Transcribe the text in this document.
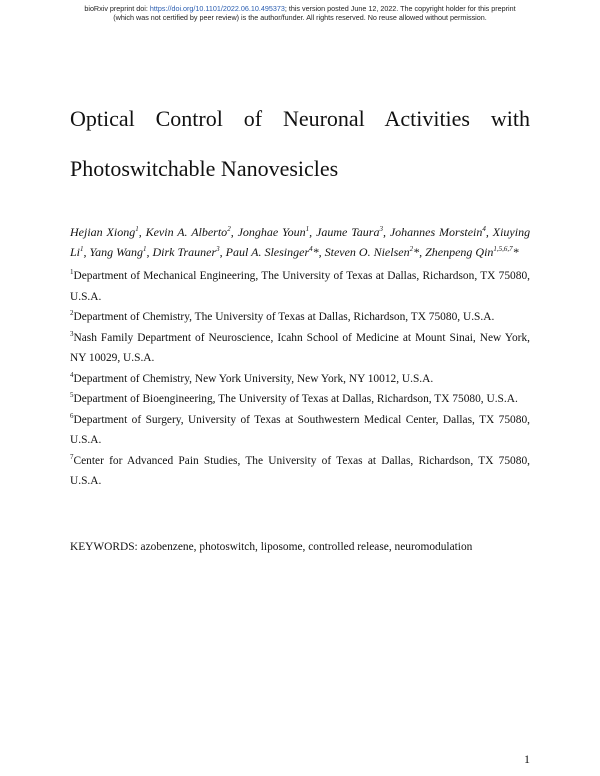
bioRxiv preprint doi: https://doi.org/10.1101/2022.06.10.495373; this version posted June 12, 2022. The copyright holder for this preprint
(which was not certified by peer review) is the author/funder. All rights reserved. No reuse allowed without permission.
Optical Control of Neuronal Activities with
Photoswitchable Nanovesicles
Hejian Xiong$^1$, Kevin A. Alberto$^2$, Jonghae Youn$^1$, Jaume Taura$^3$, Johannes Morstein$^4$, Xiuying Li$^1$, Yang Wang$^1$, Dirk Trauner$^3$, Paul A. Slesinger$^4$*, Steven O. Nielsen$^2$*, Zhenpeng Qin$^{1,5,6,7}$*

$^1$Department of Mechanical Engineering, The University of Texas at Dallas, Richardson, TX 75080, U.S.A.

$^2$Department of Chemistry, The University of Texas at Dallas, Richardson, TX 75080, U.S.A.

$^3$Nash Family Department of Neuroscience, Icahn School of Medicine at Mount Sinai, New York, NY 10029, U.S.A.

$^4$Department of Chemistry, New York University, New York, NY 10012, U.S.A.

$^5$Department of Bioengineering, The University of Texas at Dallas, Richardson, TX 75080, U.S.A.

$^6$Department of Surgery, University of Texas at Southwestern Medical Center, Dallas, TX 75080, U.S.A.

$^7$Center for Advanced Pain Studies, The University of Texas at Dallas, Richardson, TX 75080, U.S.A.

KEYWORDS: azobenzene, photoswitch, liposome, controlled release, neuromodulation
1
